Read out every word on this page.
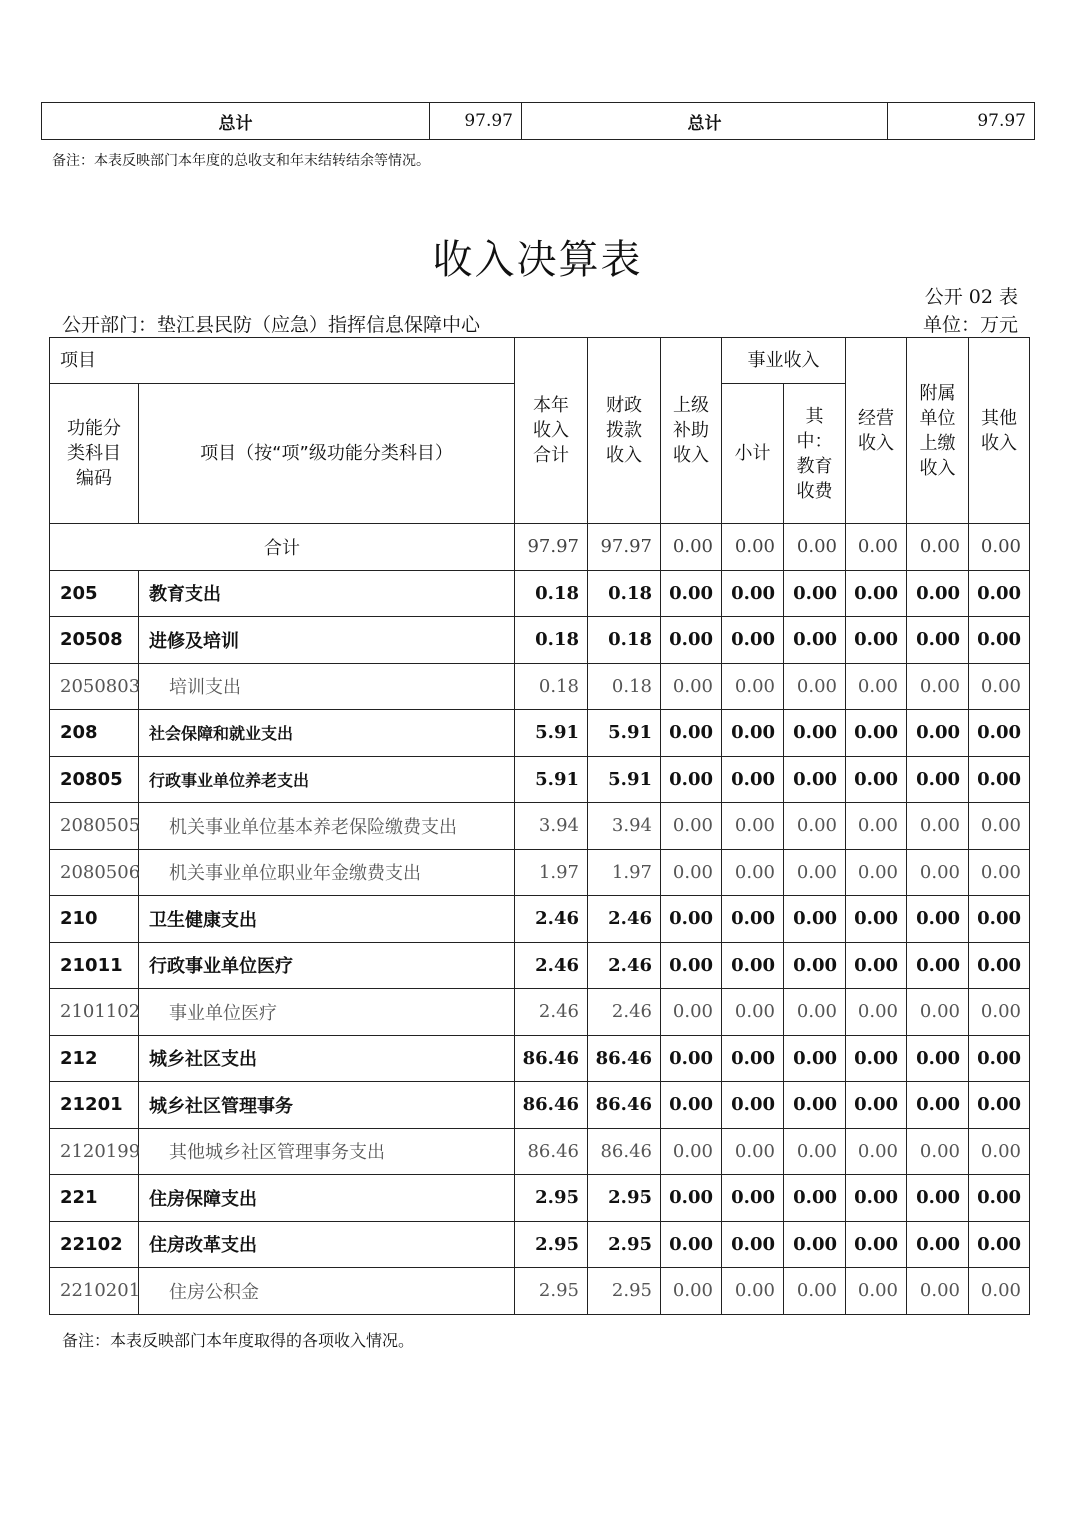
总计	97.97	总计	97.97
备注：本表反映部门本年度的总收支和年末结转结余等情况。
收入决算表
公开 02 表
公开部门：垫江县民防（应急）指挥信息保障中心	单位：万元
项目		本年收入合计	财政拨款收入	上级补助收入	事业收入		经营收入	附属单位上缴收入	其他收入
功能分类科目编码	项目（按“项”级功能分类科目）				小计	其中：教育收费			
合计		97.97	97.97	0.00	0.00	0.00	0.00	0.00	0.00
205	教育支出	0.18	0.18	0.00	0.00	0.00	0.00	0.00	0.00
20508	进修及培训	0.18	0.18	0.00	0.00	0.00	0.00	0.00	0.00
2050803	培训支出	0.18	0.18	0.00	0.00	0.00	0.00	0.00	0.00
208	社会保障和就业支出	5.91	5.91	0.00	0.00	0.00	0.00	0.00	0.00
20805	行政事业单位养老支出	5.91	5.91	0.00	0.00	0.00	0.00	0.00	0.00
2080505	机关事业单位基本养老保险缴费支出	3.94	3.94	0.00	0.00	0.00	0.00	0.00	0.00
2080506	机关事业单位职业年金缴费支出	1.97	1.97	0.00	0.00	0.00	0.00	0.00	0.00
210	卫生健康支出	2.46	2.46	0.00	0.00	0.00	0.00	0.00	0.00
21011	行政事业单位医疗	2.46	2.46	0.00	0.00	0.00	0.00	0.00	0.00
2101102	事业单位医疗	2.46	2.46	0.00	0.00	0.00	0.00	0.00	0.00
212	城乡社区支出	86.46	86.46	0.00	0.00	0.00	0.00	0.00	0.00
21201	城乡社区管理事务	86.46	86.46	0.00	0.00	0.00	0.00	0.00	0.00
2120199	其他城乡社区管理事务支出	86.46	86.46	0.00	0.00	0.00	0.00	0.00	0.00
221	住房保障支出	2.95	2.95	0.00	0.00	0.00	0.00	0.00	0.00
22102	住房改革支出	2.95	2.95	0.00	0.00	0.00	0.00	0.00	0.00
2210201	住房公积金	2.95	2.95	0.00	0.00	0.00	0.00	0.00	0.00
备注：本表反映部门本年度取得的各项收入情况。
